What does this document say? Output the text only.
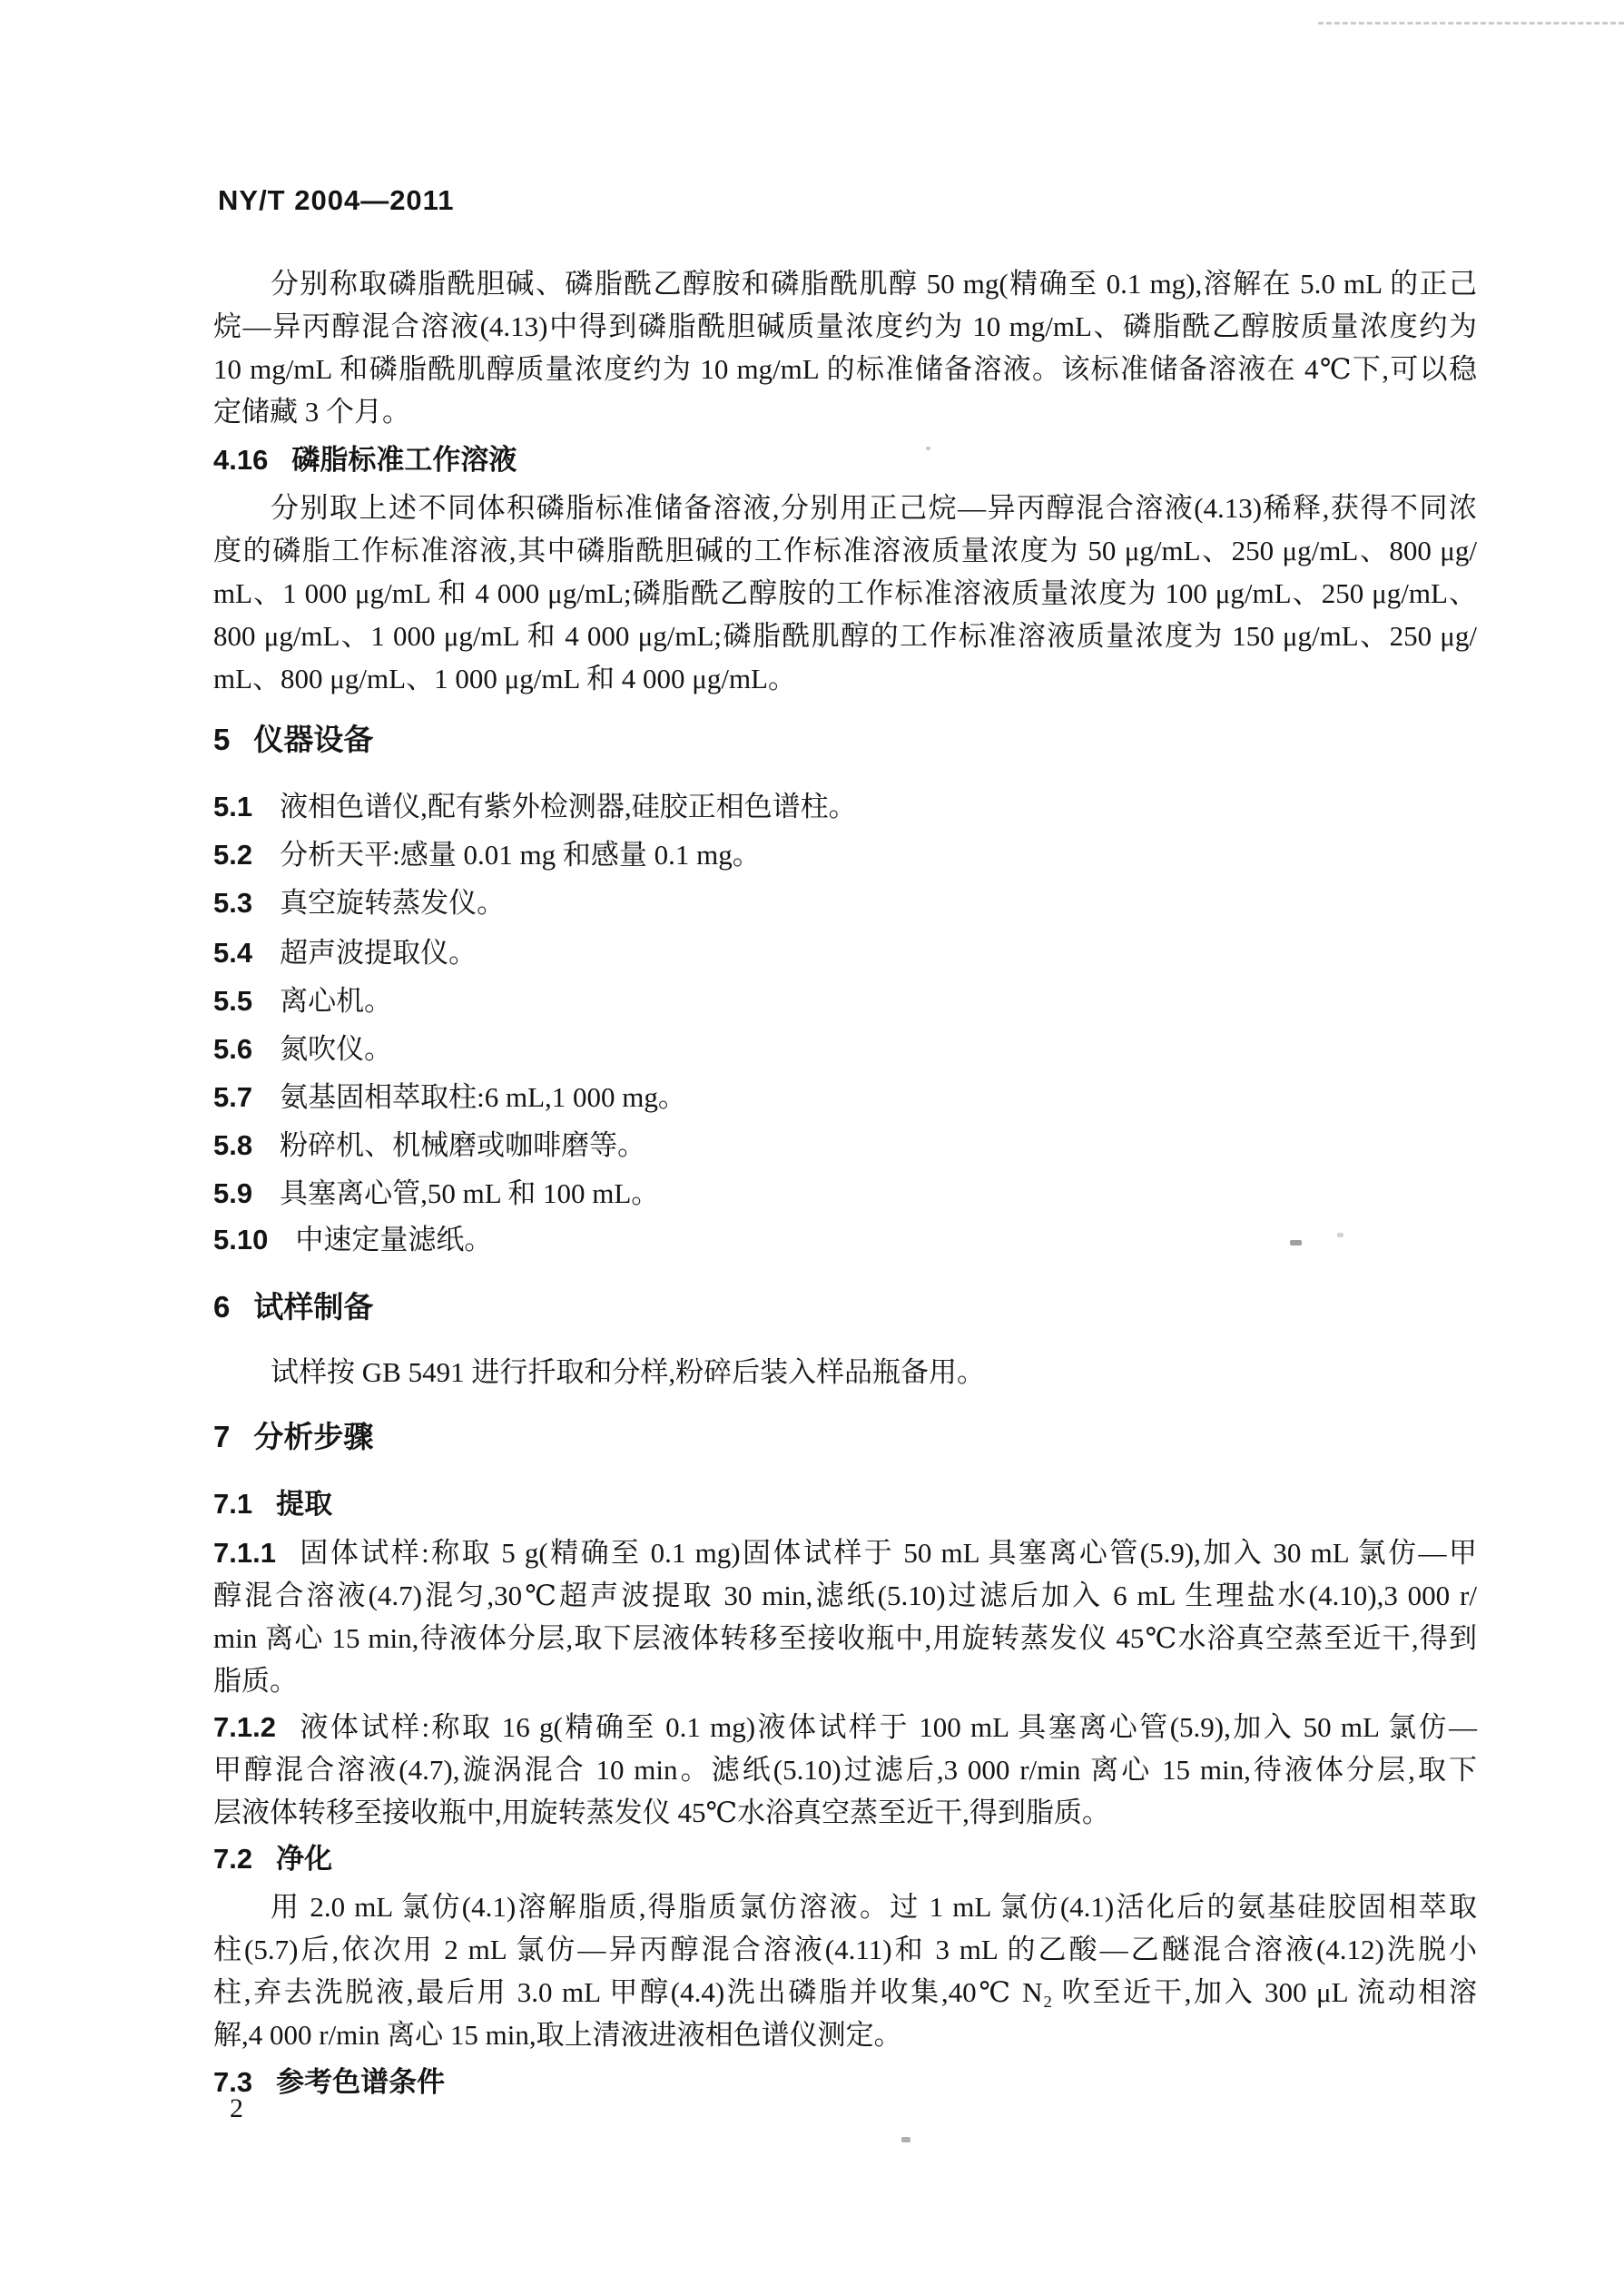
NY/T 2004—2011
分别称取磷脂酰胆碱、磷脂酰乙醇胺和磷脂酰肌醇 50 mg(精确至 0.1 mg),溶解在 5.0 mL 的正己
烷—异丙醇混合溶液(4.13)中得到磷脂酰胆碱质量浓度约为 10 mg/mL、磷脂酰乙醇胺质量浓度约为
10 mg/mL 和磷脂酰肌醇质量浓度约为 10 mg/mL 的标准储备溶液。该标准储备溶液在 4℃下,可以稳
定储藏 3 个月。
4.16 磷脂标准工作溶液
分别取上述不同体积磷脂标准储备溶液,分别用正己烷—异丙醇混合溶液(4.13)稀释,获得不同浓
度的磷脂工作标准溶液,其中磷脂酰胆碱的工作标准溶液质量浓度为 50 μg/mL、250 μg/mL、800 μg/
mL、1 000 μg/mL 和 4 000 μg/mL;磷脂酰乙醇胺的工作标准溶液质量浓度为 100 μg/mL、250 μg/mL、
800 μg/mL、1 000 μg/mL 和 4 000 μg/mL;磷脂酰肌醇的工作标准溶液质量浓度为 150 μg/mL、250 μg/
mL、800 μg/mL、1 000 μg/mL 和 4 000 μg/mL。
5 仪器设备
5.1 液相色谱仪,配有紫外检测器,硅胶正相色谱柱。
5.2 分析天平:感量 0.01 mg 和感量 0.1 mg。
5.3 真空旋转蒸发仪。
5.4 超声波提取仪。
5.5 离心机。
5.6 氮吹仪。
5.7 氨基固相萃取柱:6 mL,1 000 mg。
5.8 粉碎机、机械磨或咖啡磨等。
5.9 具塞离心管,50 mL 和 100 mL。
5.10 中速定量滤纸。
6 试样制备
试样按 GB 5491 进行扦取和分样,粉碎后装入样品瓶备用。
7 分析步骤
7.1 提取
7.1.1 固体试样:称取 5 g(精确至 0.1 mg)固体试样于 50 mL 具塞离心管(5.9),加入 30 mL 氯仿—甲
醇混合溶液(4.7)混匀,30℃超声波提取 30 min,滤纸(5.10)过滤后加入 6 mL 生理盐水(4.10),3 000 r/
min 离心 15 min,待液体分层,取下层液体转移至接收瓶中,用旋转蒸发仪 45℃水浴真空蒸至近干,得到
脂质。
7.1.2 液体试样:称取 16 g(精确至 0.1 mg)液体试样于 100 mL 具塞离心管(5.9),加入 50 mL 氯仿—
甲醇混合溶液(4.7),漩涡混合 10 min。滤纸(5.10)过滤后,3 000 r/min 离心 15 min,待液体分层,取下
层液体转移至接收瓶中,用旋转蒸发仪 45℃水浴真空蒸至近干,得到脂质。
7.2 净化
用 2.0 mL 氯仿(4.1)溶解脂质,得脂质氯仿溶液。过 1 mL 氯仿(4.1)活化后的氨基硅胶固相萃取
柱(5.7)后,依次用 2 mL 氯仿—异丙醇混合溶液(4.11)和 3 mL 的乙酸—乙醚混合溶液(4.12)洗脱小
柱,弃去洗脱液,最后用 3.0 mL 甲醇(4.4)洗出磷脂并收集,40℃ N₂ 吹至近干,加入 300 μL 流动相溶
解,4 000 r/min 离心 15 min,取上清液进液相色谱仪测定。
7.3 参考色谱条件
2
